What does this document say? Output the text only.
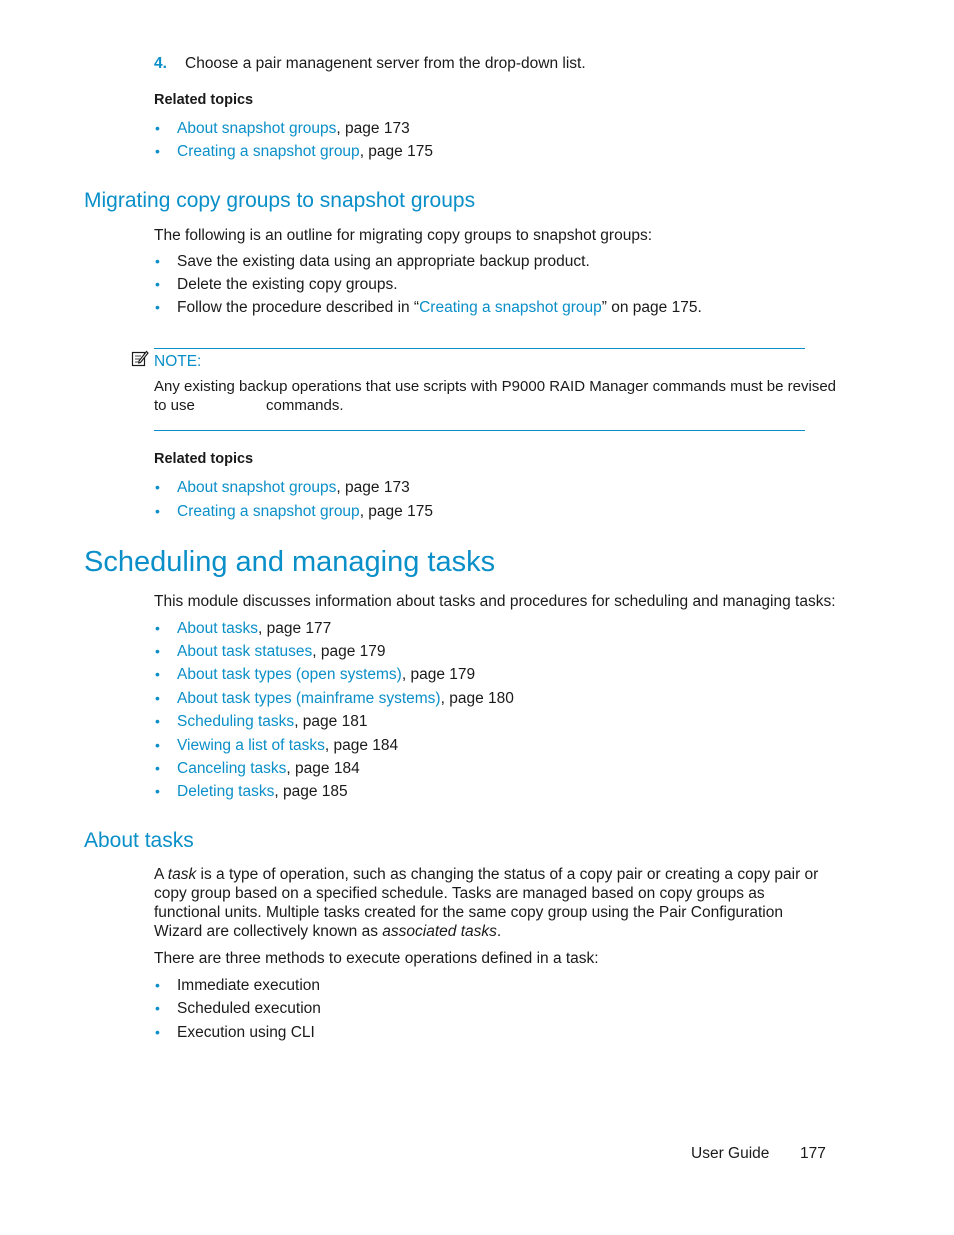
4. Choose a pair managenent server from the drop-down list.
Related topics
• About snapshot groups, page 173
• Creating a snapshot group, page 175
Migrating copy groups to snapshot groups
The following is an outline for migrating copy groups to snapshot groups:
• Save the existing data using an appropriate backup product.
• Delete the existing copy groups.
• Follow the procedure described in “Creating a snapshot group” on page 175.
NOTE:
Any existing backup operations that use scripts with P9000 RAID Manager commands must be revised
to use	commands.
Related topics
• About snapshot groups, page 173
• Creating a snapshot group, page 175
Scheduling and managing tasks
This module discusses information about tasks and procedures for scheduling and managing tasks:
• About tasks, page 177
• About task statuses, page 179
• About task types (open systems), page 179
• About task types (mainframe systems), page 180
• Scheduling tasks, page 181
• Viewing a list of tasks, page 184
• Canceling tasks, page 184
• Deleting tasks, page 185
About tasks
A task is a type of operation, such as changing the status of a copy pair or creating a copy pair or copy group based on a specified schedule. Tasks are managed based on copy groups as functional units. Multiple tasks created for the same copy group using the Pair Configuration Wizard are collectively known as associated tasks.
There are three methods to execute operations defined in a task:
• Immediate execution
• Scheduled execution
• Execution using CLI
User Guide 177
